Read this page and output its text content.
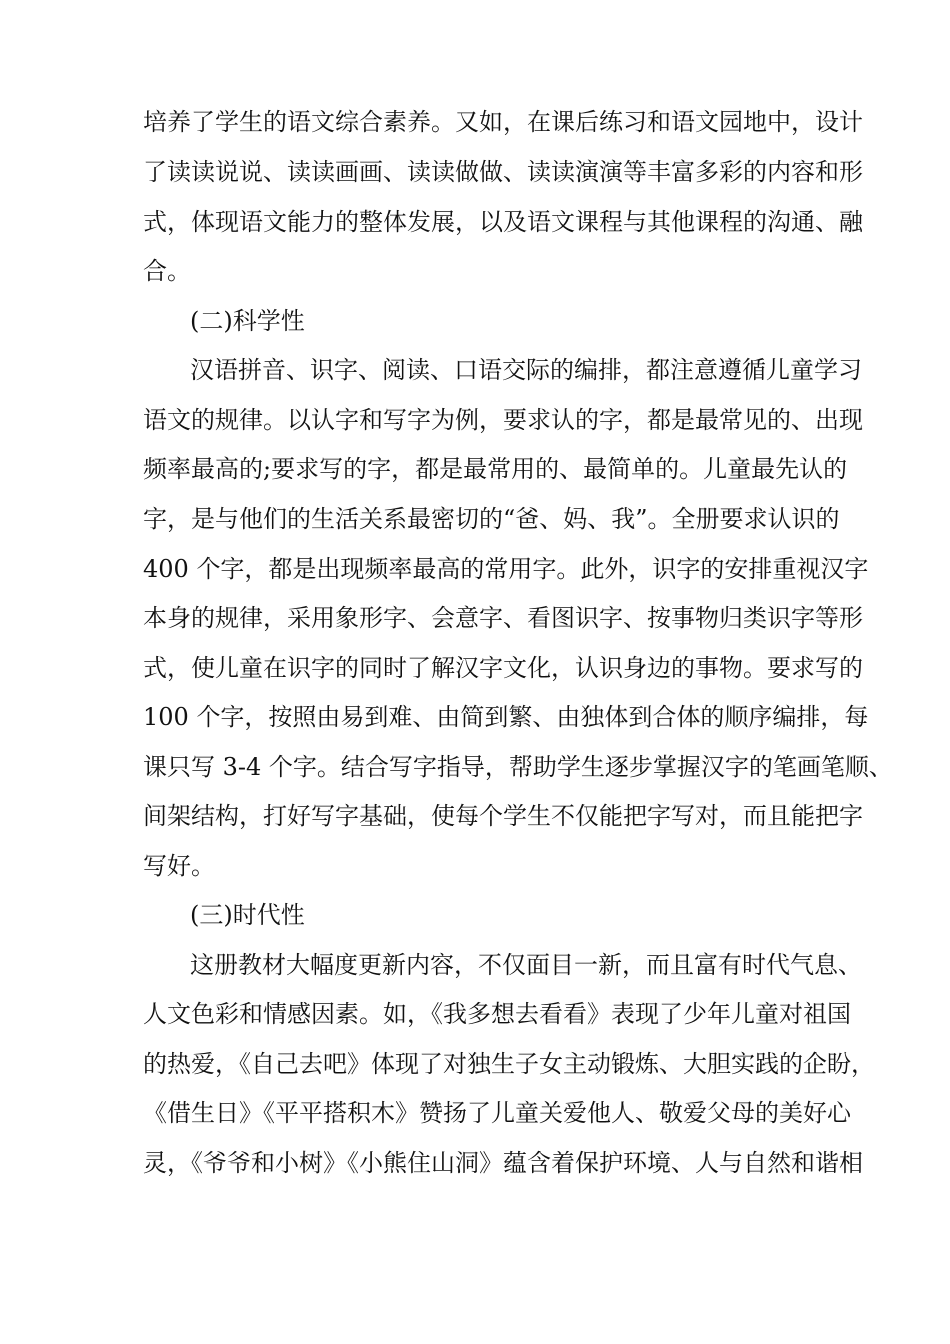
培养了学生的语文综合素养。又如，在课后练习和语文园地中，设计
了读读说说、读读画画、读读做做、读读演演等丰富多彩的内容和形
式，体现语文能力的整体发展，以及语文课程与其他课程的沟通、融
合。
(二)科学性
汉语拼音、识字、阅读、口语交际的编排，都注意遵循儿童学习
语文的规律。以认字和写字为例，要求认的字，都是最常见的、出现
频率最高的;要求写的字，都是最常用的、最简单的。儿童最先认的
字，是与他们的生活关系最密切的“爸、妈、我”。全册要求认识的
400 个字，都是出现频率最高的常用字。此外，识字的安排重视汉字
本身的规律，采用象形字、会意字、看图识字、按事物归类识字等形
式，使儿童在识字的同时了解汉字文化，认识身边的事物。要求写的
100 个字，按照由易到难、由简到繁、由独体到合体的顺序编排，每
课只写 3-4 个字。结合写字指导，帮助学生逐步掌握汉字的笔画笔顺、
间架结构，打好写字基础，使每个学生不仅能把字写对，而且能把字
写好。
(三)时代性
这册教材大幅度更新内容，不仅面目一新，而且富有时代气息、
人文色彩和情感因素。如，《我多想去看看》表现了少年儿童对祖国
的热爱，《自己去吧》体现了对独生子女主动锻炼、大胆实践的企盼，
《借生日》《平平搭积木》赞扬了儿童关爱他人、敬爱父母的美好心
灵，《爷爷和小树》《小熊住山洞》蕴含着保护环境、人与自然和谐相
